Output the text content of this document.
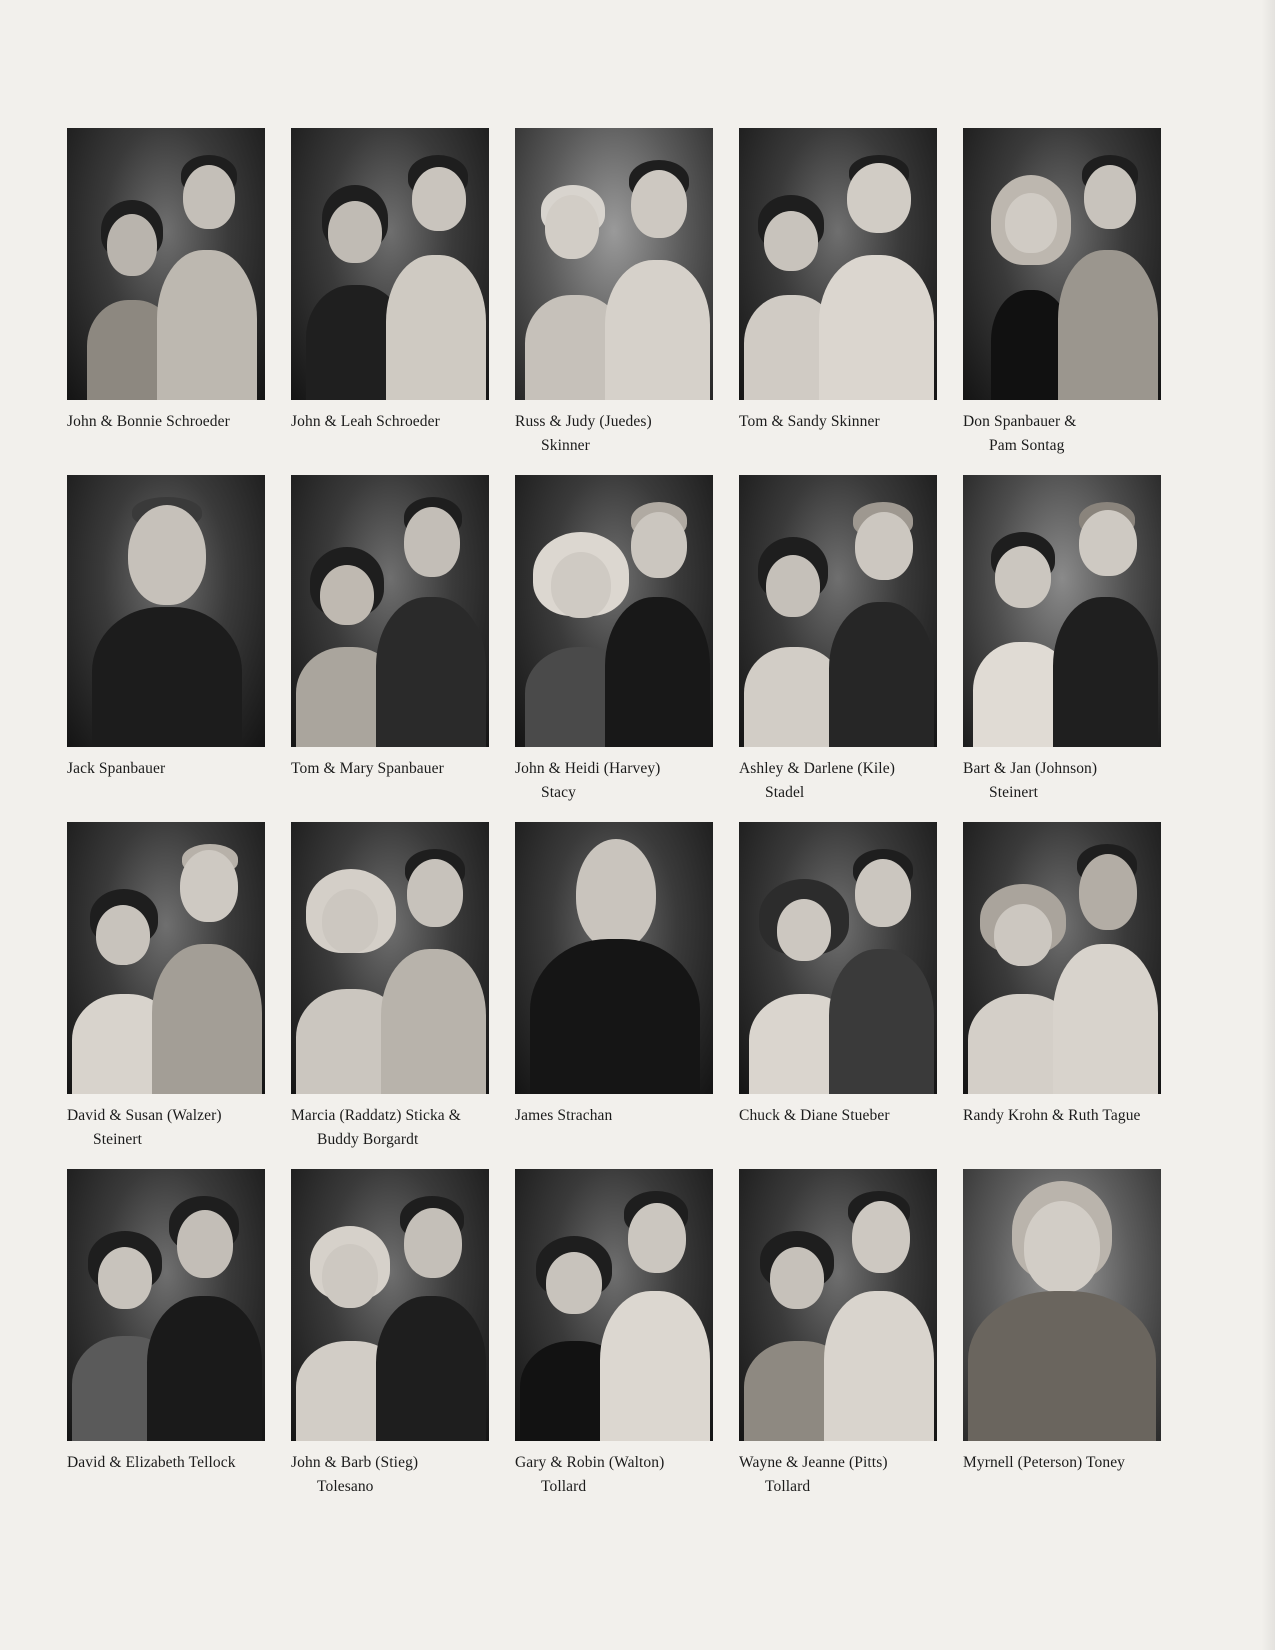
John & Bonnie Schroeder	John & Leah Schroeder	Russ & Judy (Juedes)
Skinner
Tom & Sandy Skinner	Don Spanbauer &
Pam Sontag
Jack Spanbauer	Tom & Mary Spanbauer	John & Heidi (Harvey)
Stacy
Ashley & Darlene (Kile)
Stadel
Bart & Jan (Johnson)
Steinert
David & Susan (Walzer)
Steinert
Marcia (Raddatz) Sticka &
Buddy Borgardt
James Strachan	Chuck & Diane Stueber	Randy Krohn & Ruth Tague
David & Elizabeth Tellock	John & Barb (Stieg)
Tolesano
Gary & Robin (Walton)
Tollard
Wayne & Jeanne (Pitts)
Tollard
Myrnell (Peterson) Toney
